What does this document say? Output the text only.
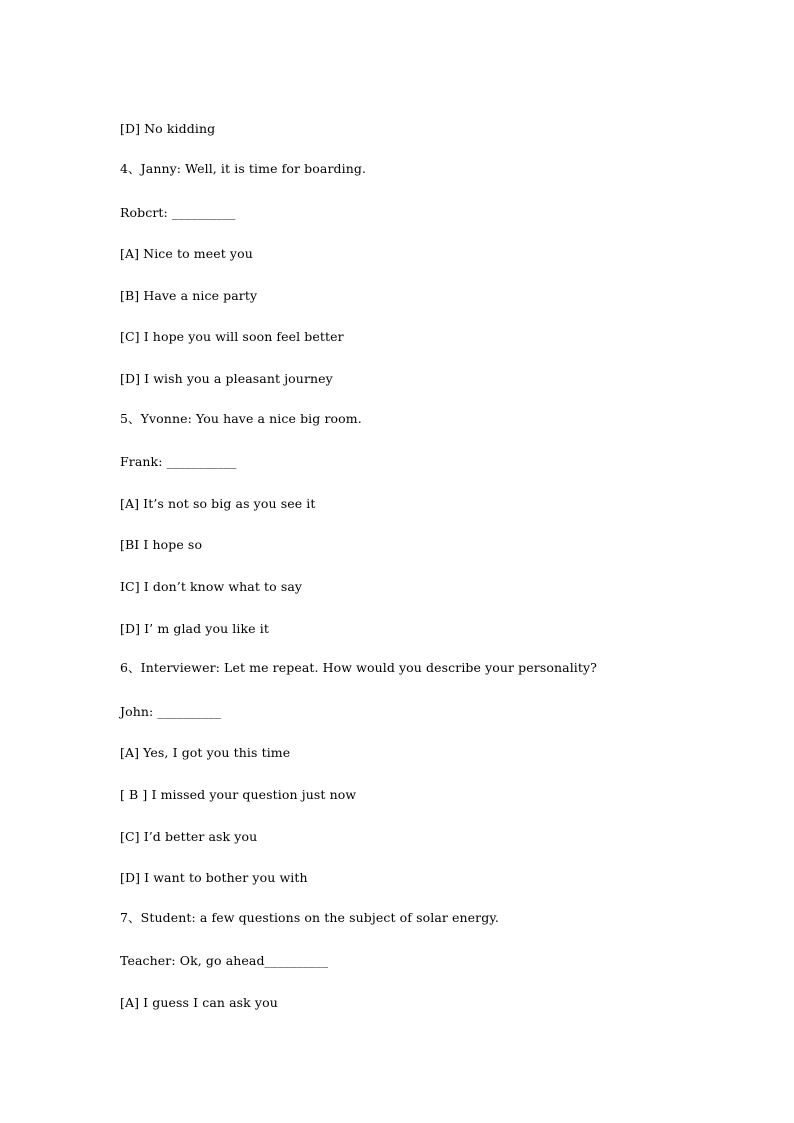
[D] No kidding
4、Janny: Well, it is time for boarding.
Robcrt: __________
[A] Nice to meet you
[B] Have a nice party
[C] I hope you will soon feel better
[D] I wish you a pleasant journey
5、Yvonne: You have a nice big room.
Frank: ___________
[A] It’s not so big as you see it
[BI I hope so
IC] I don’t know what to say
[D] I’ m glad you like it
6、Interviewer: Let me repeat. How would you describe your personality?
John: __________
[A] Yes, I got you this time
[ B ] I missed your question just now
[C] I’d better ask you
[D] I want to bother you with
7、Student: a few questions on the subject of solar energy.
Teacher: Ok, go ahead__________
[A] I guess I can ask you
